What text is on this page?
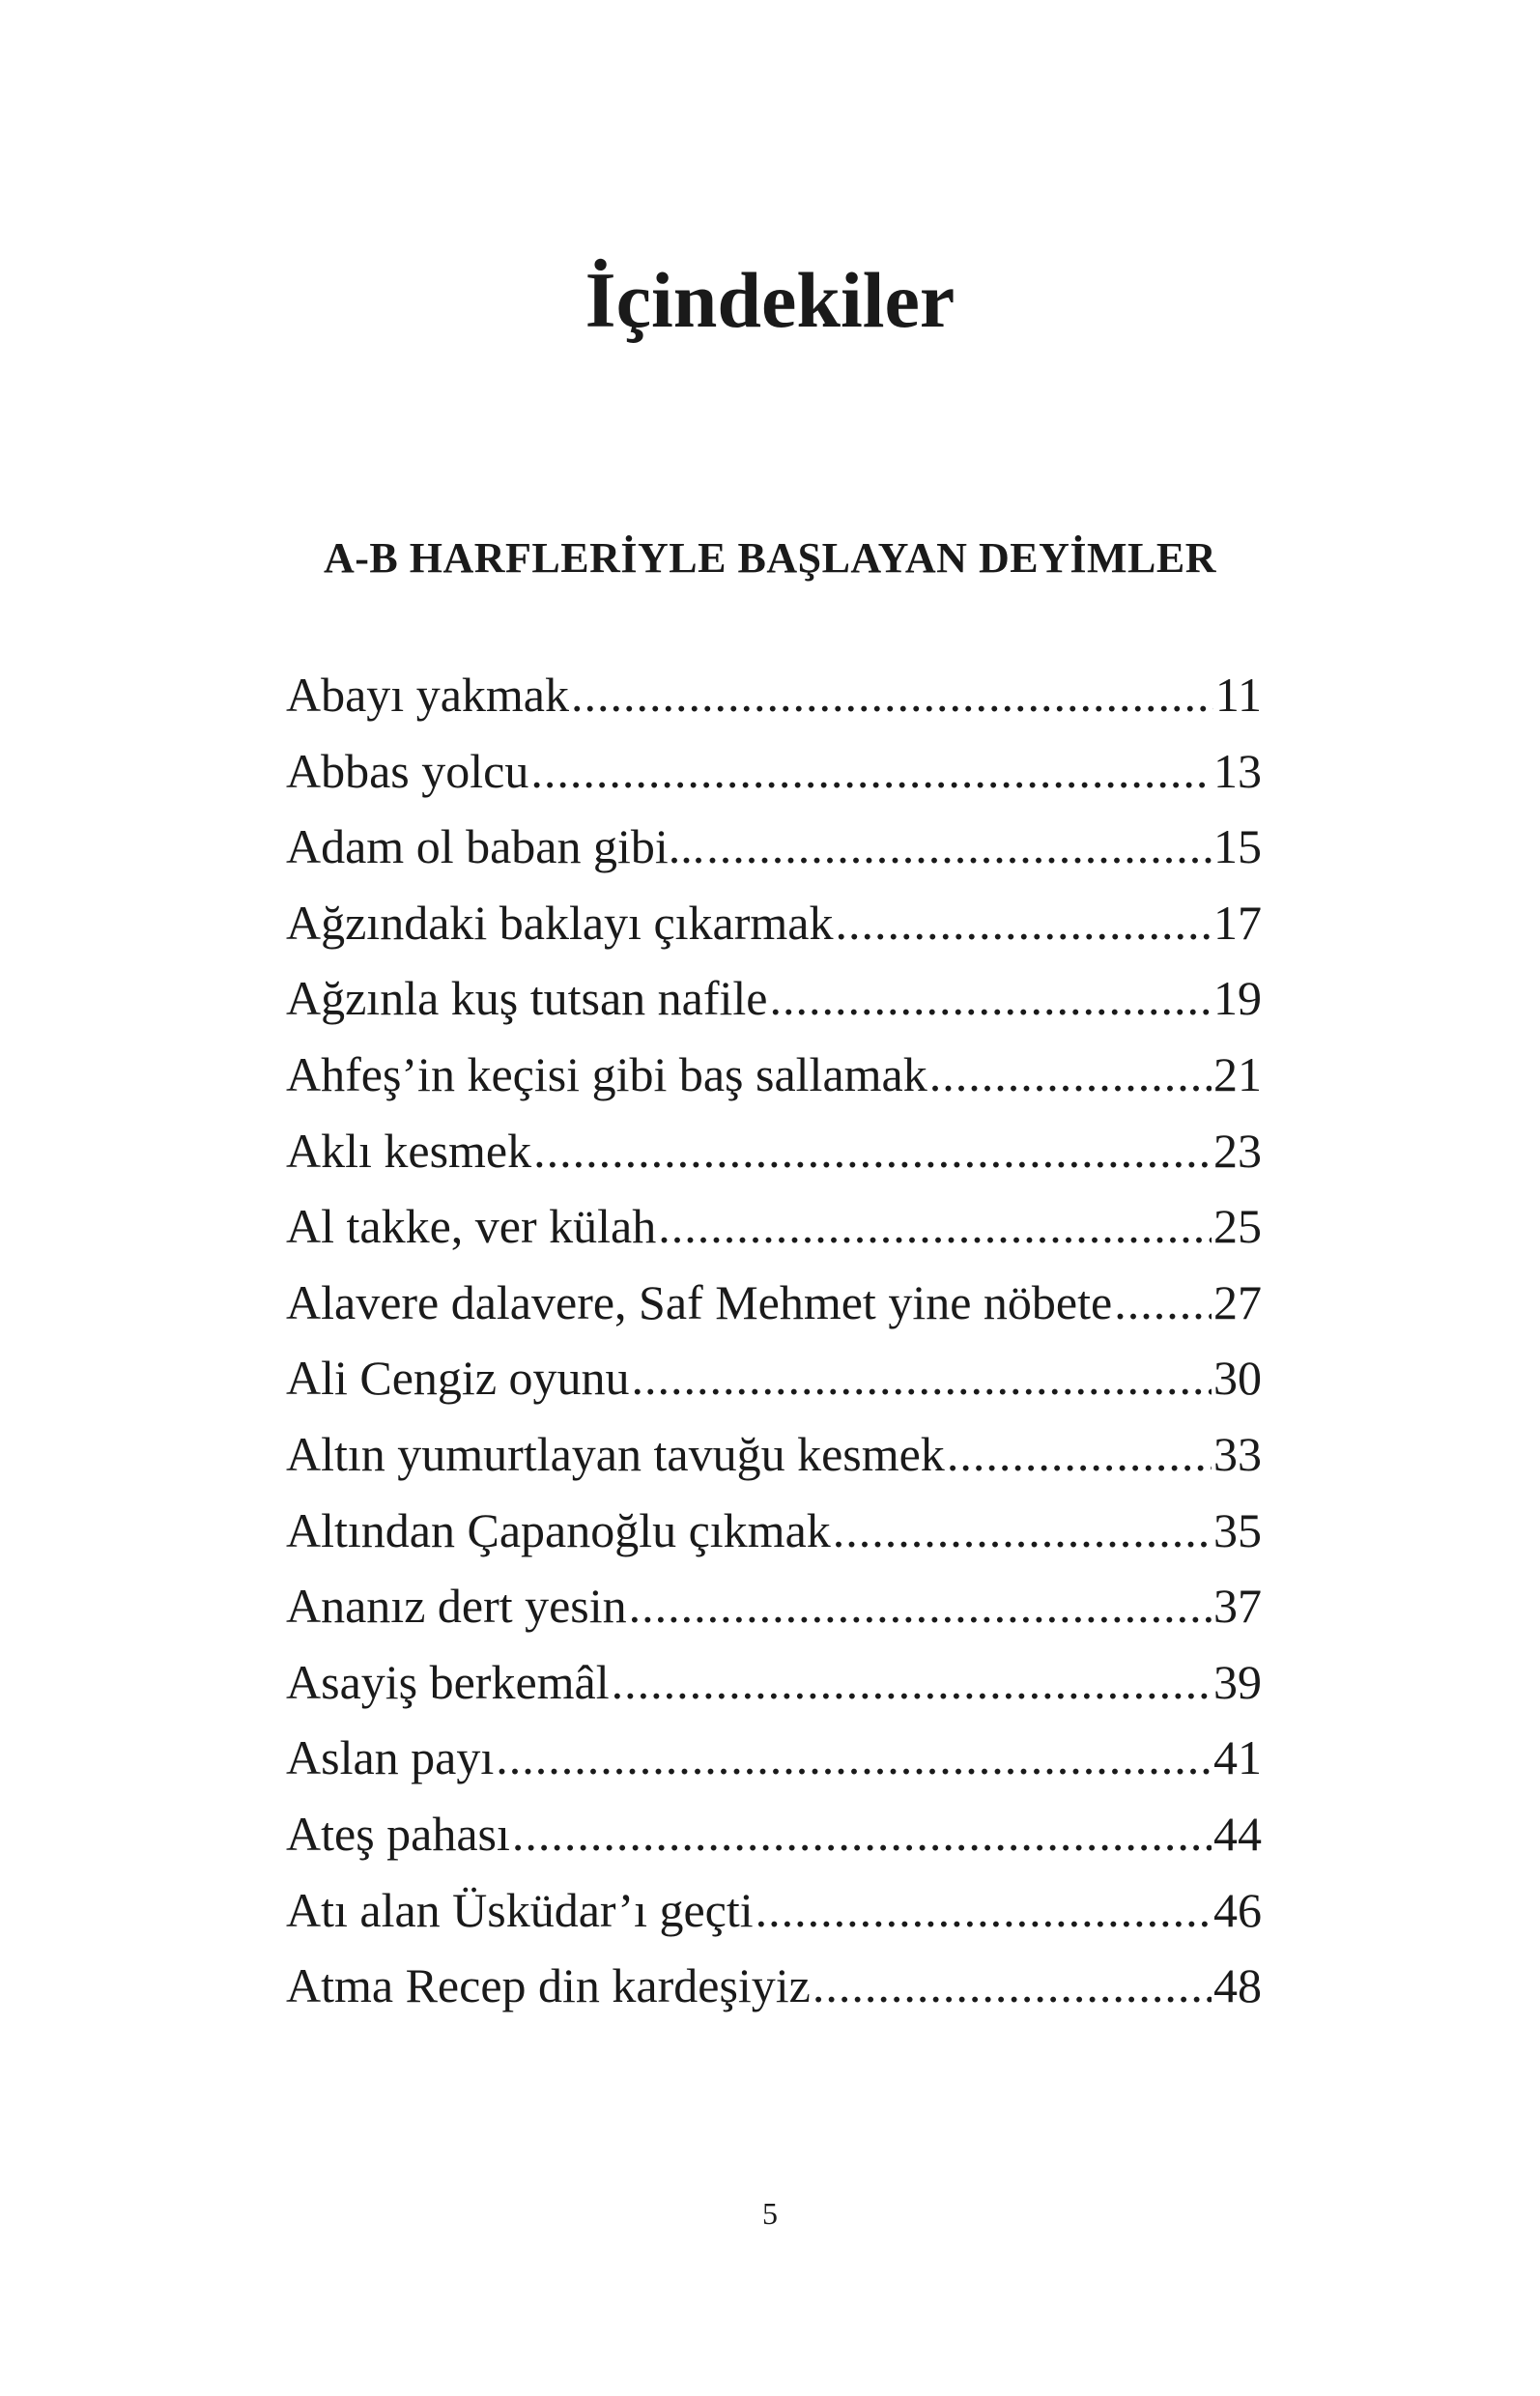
İçindekiler
A-B HARFLERİYLE BAŞLAYAN DEYİMLER
Abayı yakmak .....	11
Abbas yolcu .....	13
Adam ol baban gibi... .....	15
Ağzındaki baklayı çıkarmak .....	17
Ağzınla kuş tutsan nafile .....	19
Ahfeş’in keçisi gibi baş sallamak .....	21
Aklı kesmek .....	23
Al takke, ver külah .....	25
Alavere dalavere, Saf Mehmet yine nöbete ..... 27
Ali Cengiz oyunu .....	30
Altın yumurtlayan tavuğu kesmek .....	33
Altından Çapanoğlu çıkmak .....	35
Ananız dert yesin .....	37
Asayiş berkemâl .....	39
Aslan payı .....	41
Ateş pahası .....	44
Atı alan Üsküdar’ı geçti .....	46
Atma Recep din kardeşiyiz .....	48
5
